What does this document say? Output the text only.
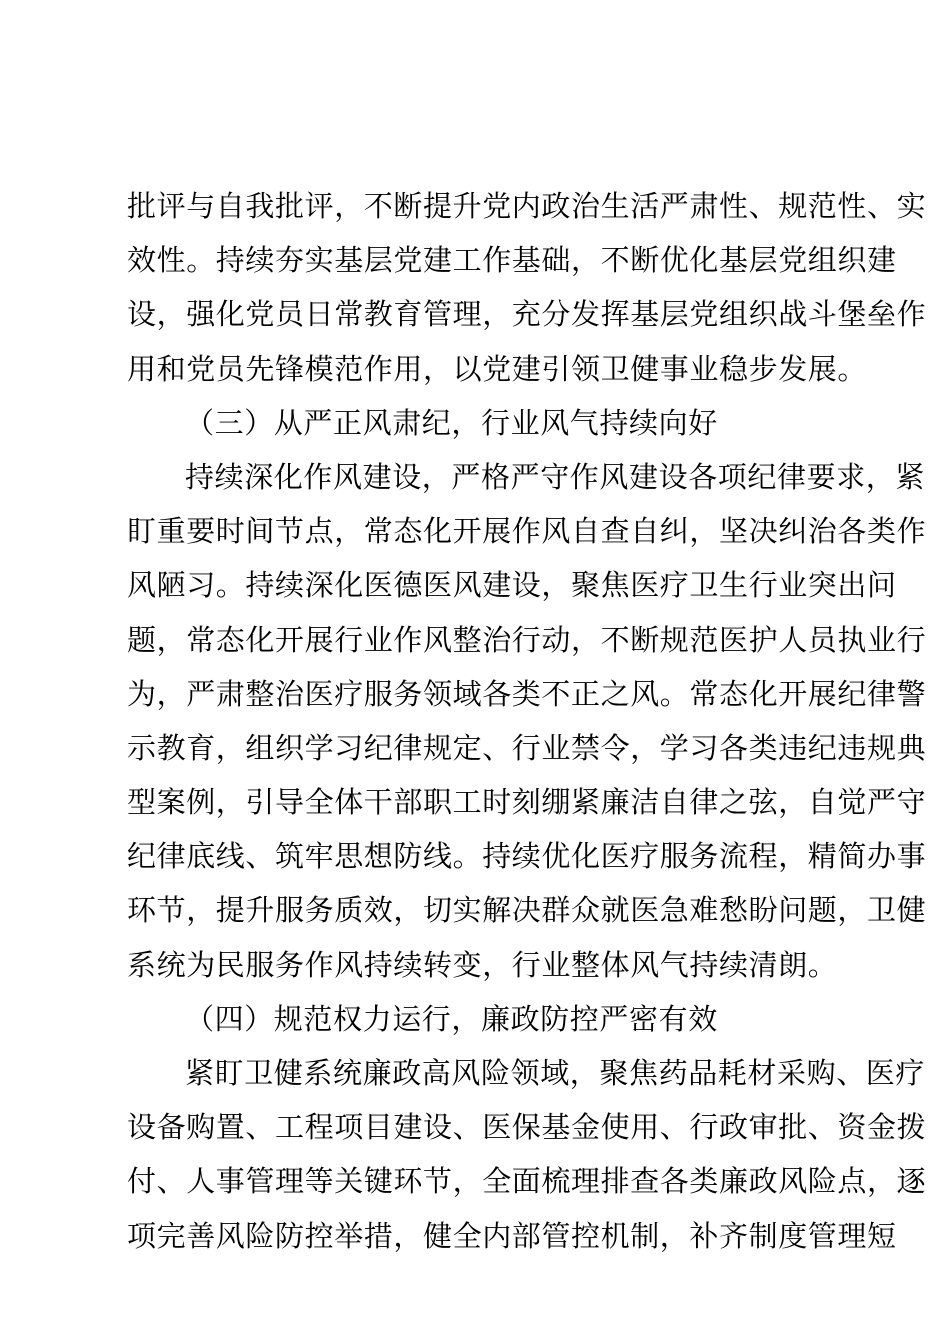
批评与自我批评，不断提升党内政治生活严肃性、规范性、实
效性。持续夯实基层党建工作基础，不断优化基层党组织建
设，强化党员日常教育管理，充分发挥基层党组织战斗堡垒作
用和党员先锋模范作用，以党建引领卫健事业稳步发展。
（三）从严正风肃纪，行业风气持续向好
持续深化作风建设，严格严守作风建设各项纪律要求，紧
盯重要时间节点，常态化开展作风自查自纠，坚决纠治各类作
风陋习。持续深化医德医风建设，聚焦医疗卫生行业突出问
题，常态化开展行业作风整治行动，不断规范医护人员执业行
为，严肃整治医疗服务领域各类不正之风。常态化开展纪律警
示教育，组织学习纪律规定、行业禁令，学习各类违纪违规典
型案例，引导全体干部职工时刻绷紧廉洁自律之弦，自觉严守
纪律底线、筑牢思想防线。持续优化医疗服务流程，精简办事
环节，提升服务质效，切实解决群众就医急难愁盼问题，卫健
系统为民服务作风持续转变，行业整体风气持续清朗。
（四）规范权力运行，廉政防控严密有效
紧盯卫健系统廉政高风险领域，聚焦药品耗材采购、医疗
设备购置、工程项目建设、医保基金使用、行政审批、资金拨
付、人事管理等关键环节，全面梳理排查各类廉政风险点，逐
项完善风险防控举措，健全内部管控机制，补齐制度管理短
